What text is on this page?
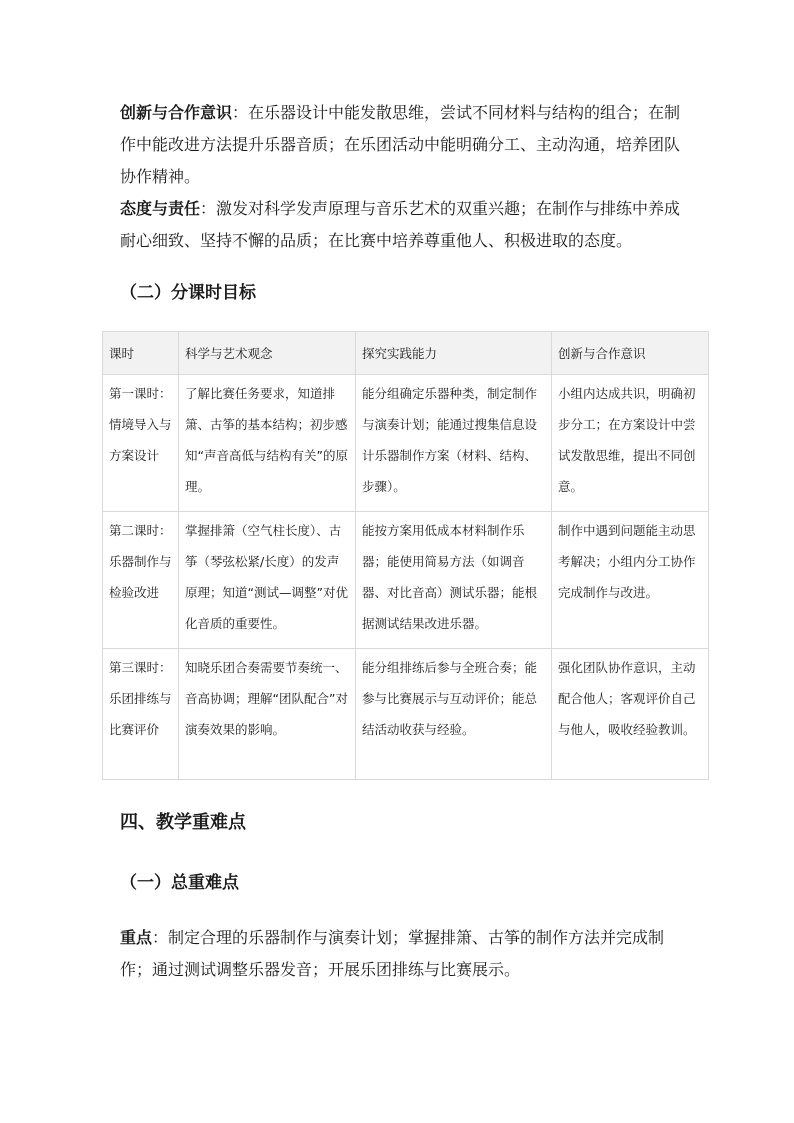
创新与合作意识：在乐器设计中能发散思维，尝试不同材料与结构的组合；在制作中能改进方法提升乐器音质；在乐团活动中能明确分工、主动沟通，培养团队协作精神。

态度与责任：激发对科学发声原理与音乐艺术的双重兴趣；在制作与排练中养成耐心细致、坚持不懈的品质；在比赛中培养尊重他人、积极进取的态度。

（二）分课时目标
课时	科学与艺术观念	探究实践能力	创新与合作意识
第一课时：情境导入与方案设计	了解比赛任务要求，知道排箫、古筝的基本结构；初步感知“声音高低与结构有关”的原理。	能分组确定乐器种类，制定制作与演奏计划；能通过搜集信息设计乐器制作方案（材料、结构、步骤）。	小组内达成共识，明确初步分工；在方案设计中尝试发散思维，提出不同创意。
第二课时：乐器制作与检验改进	掌握排箫（空气柱长度）、古筝（琴弦松紧/长度）的发声原理；知道“测试—调整”对优化音质的重要性。	能按方案用低成本材料制作乐器；能使用简易方法（如调音器、对比音高）测试乐器；能根据测试结果改进乐器。	制作中遇到问题能主动思考解决；小组内分工协作完成制作与改进。
第三课时：乐团排练与比赛评价	知晓乐团合奏需要节奏统一、音高协调；理解“团队配合”对演奏效果的影响。	能分组排练后参与全班合奏；能参与比赛展示与互动评价；能总结活动收获与经验。	强化团队协作意识，主动配合他人；客观评价自己与他人，吸收经验教训。
四、教学重难点
（一）总重难点

重点：制定合理的乐器制作与演奏计划；掌握排箫、古筝的制作方法并完成制作；通过测试调整乐器发音；开展乐团排练与比赛展示。
